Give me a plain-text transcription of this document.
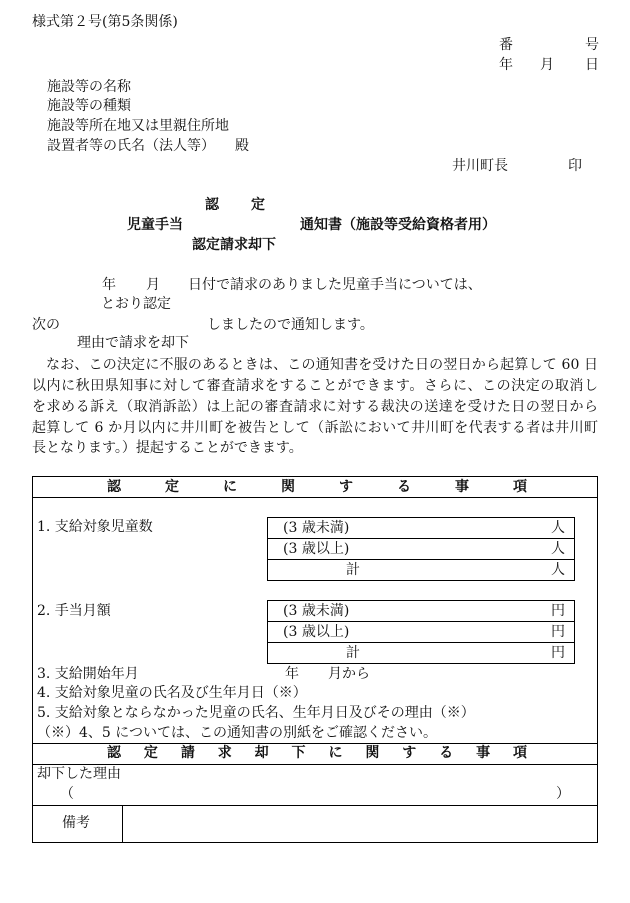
様式第２号(第5条関係)
番	号
年 月 日
施設等の名称
施設等の種類
施設等所在地又は里親住所地
設置者等の氏名（法人等） 殿
井川町長	印
認 定
児童手当	通知書（施設等受給資格者用）
認定請求却下
年 月 日付で請求のありました児童手当については、
とおり認定
次の	しましたので通知します。
理由で請求を却下
なお、この決定に不服のあるときは、この通知書を受けた日の翌日から起算して 60 日
以内に秋田県知事に対して審査請求をすることができます。さらに、この決定の取消し
を求める訴え（取消訴訟）は上記の審査請求に対する裁決の送達を受けた日の翌日から
起算して 6 か月以内に井川町を被告として（訴訟において井川町を代表する者は井川町
長となります。）提起することができます。
認	定	に	関	す	る	事	項
1. 支給対象児童数	(3 歳未満)	人
(3 歳以上)	人
計	人
2. 手当月額	(3 歳未満)	円
(3 歳以上)	円
計	円
3. 支給開始年月	年 月から
4. 支給対象児童の氏名及び生年月日（※）
5. 支給対象とならなかった児童の氏名、生年月日及びその理由（※）
（※）4、5 については、この通知書の別紙をご確認ください。
認 定 請 求 却 下 に 関 す る 事 項
却下した理由
（	）
備考
